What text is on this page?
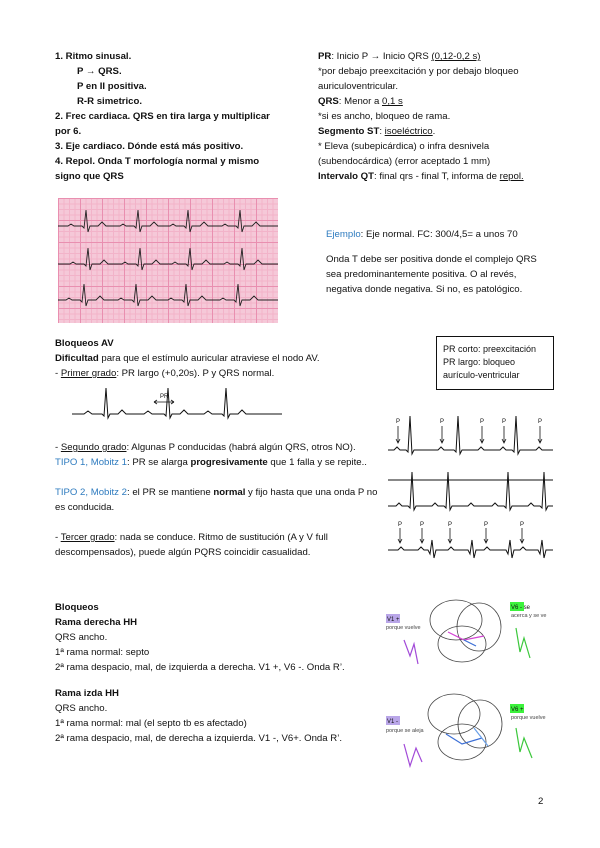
1. Ritmo sinusal.
P → QRS.
P en II positiva.
R-R simetrico.
2. Frec cardiaca. QRS en tira larga y multiplicar
por 6.
3. Eje cardiaco. Dónde está más positivo.
4. Repol. Onda T morfología normal y mismo
signo que QRS
PR: Inicio P → Inicio QRS (0,12-0,2 s)
*por debajo preexcitación y por debajo bloqueo
auriculoventricular.
QRS: Menor a 0,1 s
*si es ancho, bloqueo de rama.
Segmento ST: isoeléctrico.
* Eleva (subepicárdica) o infra desnivela
(subendocárdica) (error aceptado 1 mm)
Intervalo QT: final qrs - final T, informa de repol.
Ejemplo: Eje normal. FC: 300/4,5= a unos 70
Onda T debe ser positiva donde el complejo QRS
sea predominantemente positiva. O al revés,
negativa donde negativa. Si no, es patológico.
Bloqueos AV
Dificultad para que el estímulo auricular atraviese el nodo AV.
- Primer grado: PR largo (+0,20s). P y QRS normal.
PR corto: preexcitación
PR largo: bloqueo
aurículo-ventricular
PR
- Segundo grado: Algunas P conducidas (habrá algún QRS, otros NO).
TIPO 1, Mobitz 1: PR se alarga progresivamente que 1 falla y se repite..
TIPO 2, Mobitz 2: el PR se mantiene normal y fijo hasta que una onda P no
es conducida.
- Tercer grado: nada se conduce. Ritmo de sustitución (A y V full
descompensados), puede algún PQRS coincidir casualidad.
P	P	P	P	P
P	P	P	P	P
Bloqueos
Rama derecha HH
QRS ancho.
1ª rama normal: septo
2ª rama despacio, mal, de izquierda a derecha. V1 +, V6 -. Onda R’.
Rama izda HH
QRS ancho.
1ª rama normal: mal (el septo tb es afectado)
2ª rama despacio, mal, de derecha a izquierda. V1 -, V6+. Onda R’.
V1 +
porque vuelve
V6 - se
acerca y se ve
V1 -
porque se aleja
V6 +
porque vuelve
2
